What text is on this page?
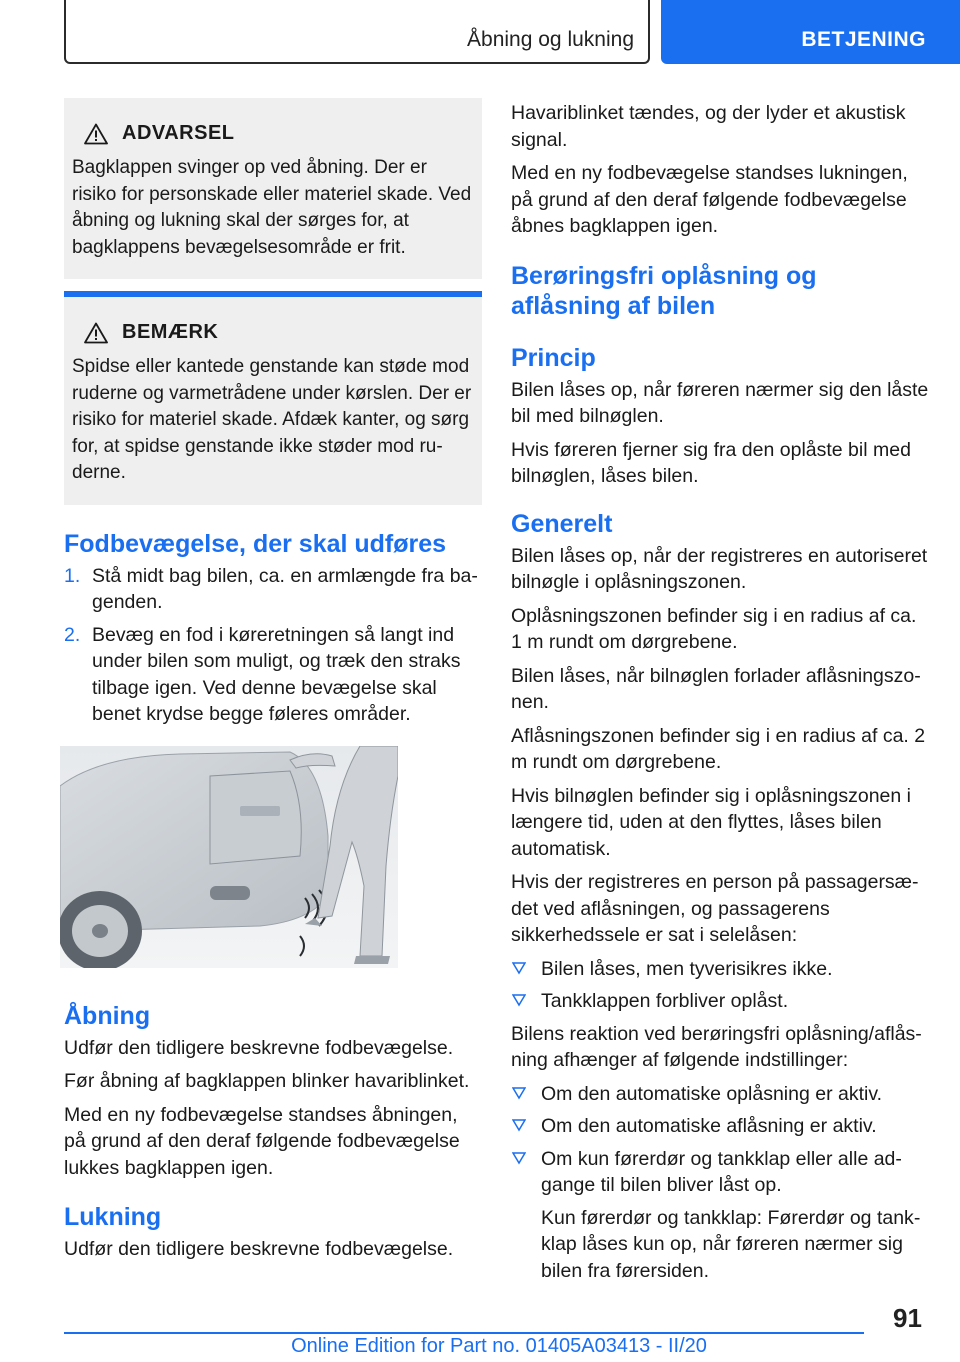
Åbning og lukning	BETJENING
ADVARSEL
Bagklappen svinger op ved åbning. Der er risiko for personskade eller materiel skade. Ved åbning og lukning skal der sørges for, at bagklappens bevægelsesområde er frit.
BEMÆRK
Spidse eller kantede genstande kan støde mod ruderne og varmetrådene under kørslen. Der er risiko for materiel skade. Afdæk kanter, og sørg for, at spidse genstande ikke støder mod ruderne.
Fodbevægelse, der skal udføres
1. Stå midt bag bilen, ca. en armlængde fra bagenden.
2. Bevæg en fod i køreretningen så langt ind under bilen som muligt, og træk den straks tilbage igen. Ved denne bevægelse skal benet krydse begge føleres områder.
Åbning

Udfør den tidligere beskrevne fodbevægelse.

Før åbning af bagklappen blinker havariblinket.

Med en ny fodbevægelse standses åbningen, på grund af den deraf følgende fodbevægelse lukkes bagklappen igen.

Lukning

Udfør den tidligere beskrevne fodbevægelse.

Havariblinket tændes, og der lyder et akustisk signal.

Med en ny fodbevægelse standses lukningen, på grund af den deraf følgende fodbevægelse åbnes bagklappen igen.

Berøringsfri oplåsning og
aflåsning af bilen
Princip

Bilen låses op, når føreren nærmer sig den låste bil med bilnøglen.

Hvis føreren fjerner sig fra den oplåste bil med bilnøglen, låses bilen.

Generelt

Bilen låses op, når der registreres en autoriseret bilnøgle i oplåsningszonen.

Oplåsningszonen befinder sig i en radius af ca. 1 m rundt om dørgrebene.

Bilen låses, når bilnøglen forlader aflåsningszonen.

Aflåsningszonen befinder sig i en radius af ca. 2 m rundt om dørgrebene.

Hvis bilnøglen befinder sig i oplåsningszonen i længere tid, uden at den flyttes, låses bilen automatisk.

Hvis der registreres en person på passagersædet ved aflåsningen, og passagerens sikkerhedssele er sat i selelåsen:

Bilen låses, men tyverisikres ikke.
Tankklappen forbliver oplåst.

Bilens reaktion ved berøringsfri oplåsning/aflåsning afhænger af følgende indstillinger:

Om den automatiske oplåsning er aktiv.
Om den automatiske aflåsning er aktiv.
Om kun førerdør og tankklap eller alle adgange til bilen bliver låst op.

Kun førerdør og tankklap: Førerdør og tankklap låses kun op, når føreren nærmer sig bilen fra førersiden.

91
Online Edition for Part no. 01405A03413 - II/20
